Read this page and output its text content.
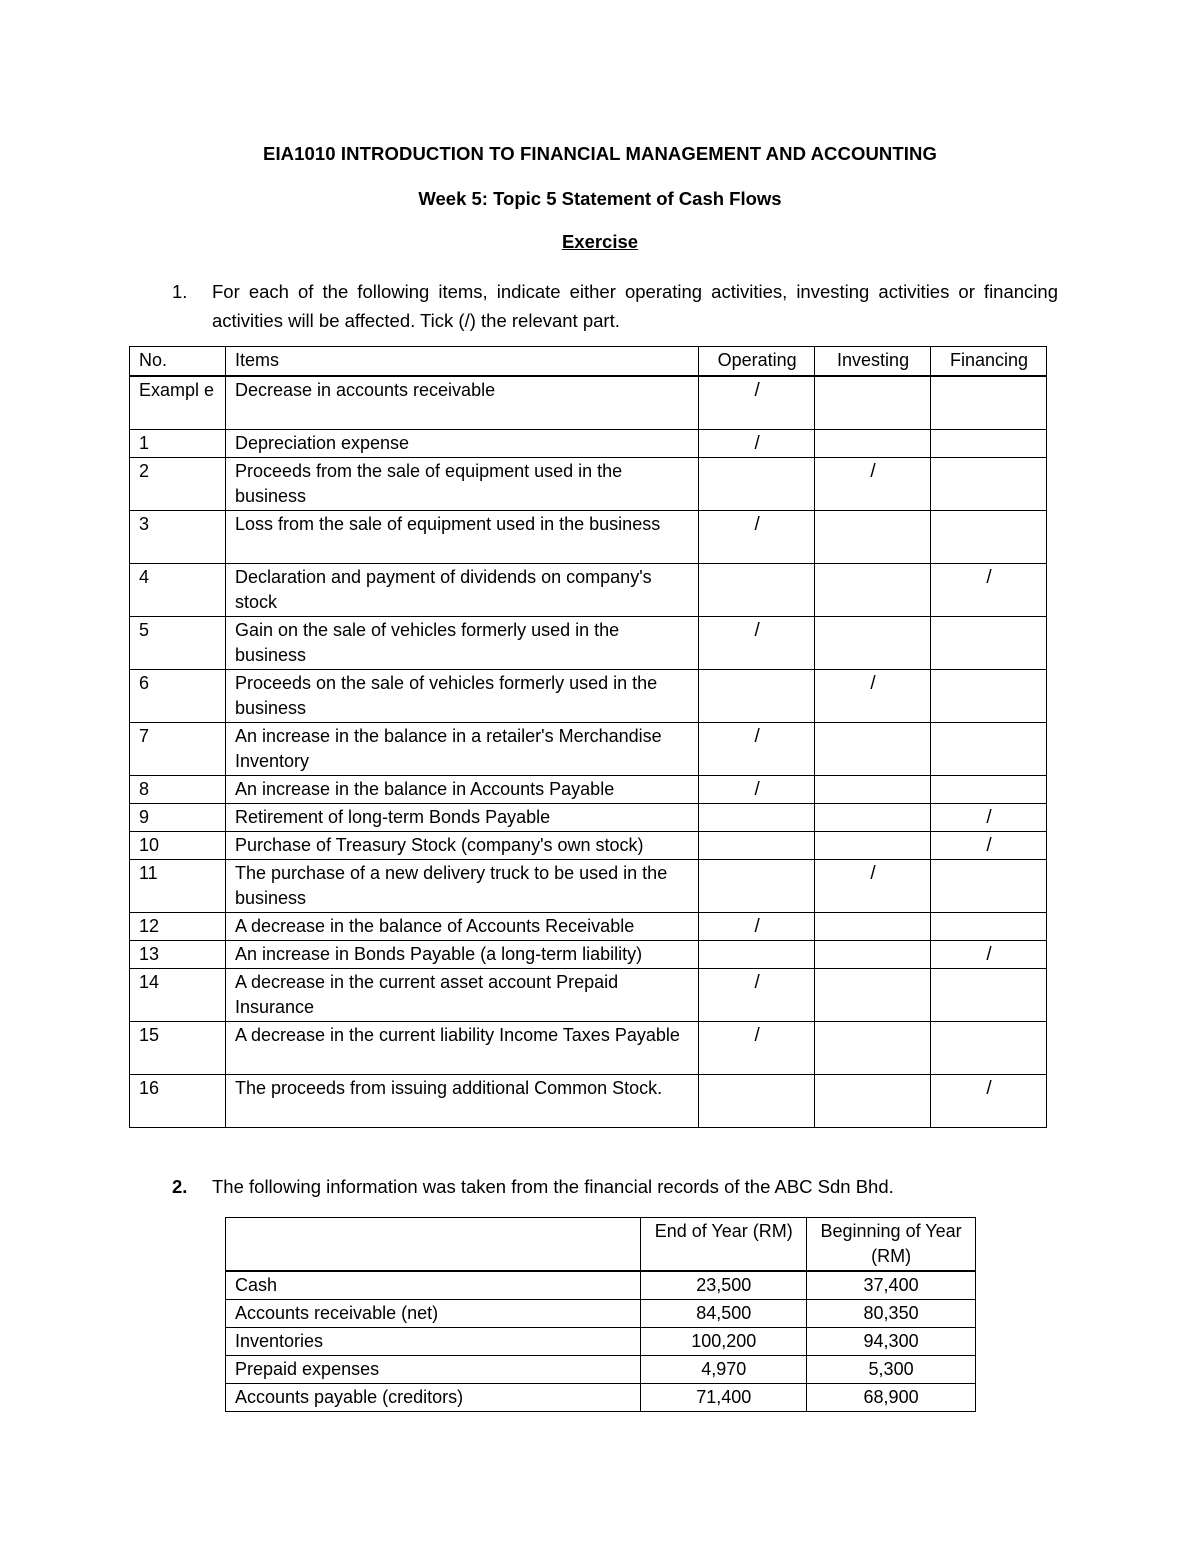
EIA1010 INTRODUCTION TO FINANCIAL MANAGEMENT AND ACCOUNTING
Week 5: Topic 5 Statement of Cash Flows
Exercise
1. For each of the following items, indicate either operating activities, investing activities or financing activities will be affected. Tick (/) the relevant part.
No.	Items	Operating	Investing	Financing
Exampl e	Decrease in accounts receivable	/		
1	Depreciation expense	/		
2	Proceeds from the sale of equipment used in the business		/	
3	Loss from the sale of equipment used in the business	/		
4	Declaration and payment of dividends on company's stock			/
5	Gain on the sale of vehicles formerly used in the business	/		
6	Proceeds on the sale of vehicles formerly used in the business		/	
7	An increase in the balance in a retailer's Merchandise Inventory	/		
8	An increase in the balance in Accounts Payable	/		
9	Retirement of long-term Bonds Payable			/
10	Purchase of Treasury Stock (company's own stock)			/
11	The purchase of a new delivery truck to be used in the business		/	
12	A decrease in the balance of Accounts Receivable	/		
13	An increase in Bonds Payable (a long-term liability)			/
14	A decrease in the current asset account Prepaid Insurance	/		
15	A decrease in the current liability Income Taxes Payable	/		
16	The proceeds from issuing additional Common Stock.			/
2. The following information was taken from the financial records of the ABC Sdn Bhd.
	End of Year (RM)	Beginning of Year (RM)
Cash	23,500	37,400
Accounts receivable (net)	84,500	80,350
Inventories	100,200	94,300
Prepaid expenses	4,970	5,300
Accounts payable (creditors)	71,400	68,900
